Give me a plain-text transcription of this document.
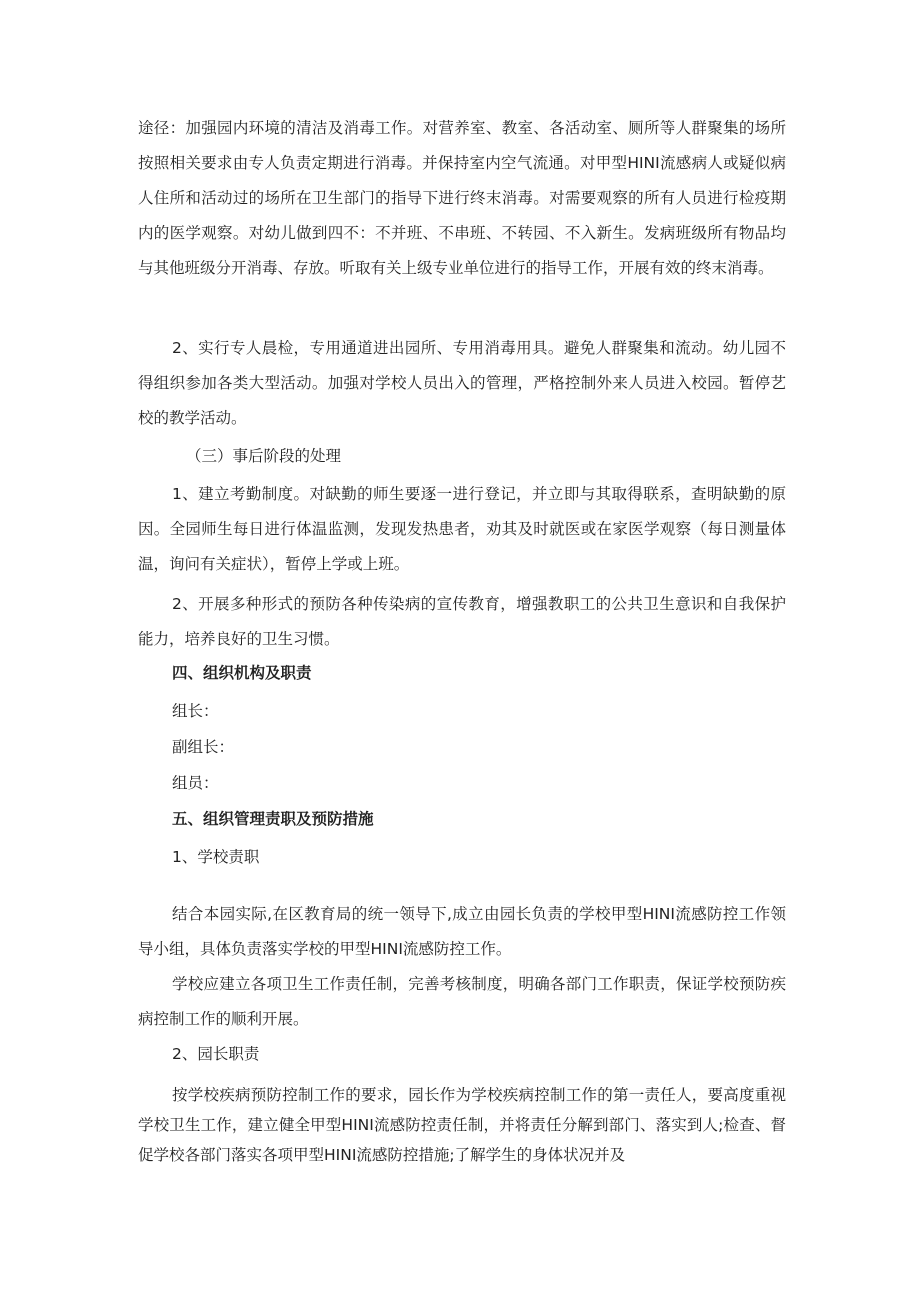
途径：加强园内环境的清洁及消毒工作。对营养室、教室、各活动室、厕所等人群聚集的场所按照相关要求由专人负责定期进行消毒。并保持室内空气流通。对甲型HINI流感病人或疑似病人住所和活动过的场所在卫生部门的指导下进行终末消毒。对需要观察的所有人员进行检疫期内的医学观察。对幼儿做到四不：不并班、不串班、不转园、不入新生。发病班级所有物品均与其他班级分开消毒、存放。听取有关上级专业单位进行的指导工作，开展有效的终末消毒。

2、实行专人晨检，专用通道进出园所、专用消毒用具。避免人群聚集和流动。幼儿园不得组织参加各类大型活动。加强对学校人员出入的管理，严格控制外来人员进入校园。暂停艺校的教学活动。

（三）事后阶段的处理

1、建立考勤制度。对缺勤的师生要逐一进行登记，并立即与其取得联系，查明缺勤的原因。全园师生每日进行体温监测，发现发热患者，劝其及时就医或在家医学观察（每日测量体温，询问有关症状），暂停上学或上班。

2、开展多种形式的预防各种传染病的宣传教育，增强教职工的公共卫生意识和自我保护能力，培养良好的卫生习惯。

四、组织机构及职责

组长：

副组长：

组员：

五、组织管理责职及预防措施

1、学校责职

结合本园实际,在区教育局的统一领导下,成立由园长负责的学校甲型HINI流感防控工作领导小组，具体负责落实学校的甲型HINI流感防控工作。

学校应建立各项卫生工作责任制，完善考核制度，明确各部门工作职责，保证学校预防疾病控制工作的顺利开展。

2、园长职责

按学校疾病预防控制工作的要求，园长作为学校疾病控制工作的第一责任人，要高度重视学校卫生工作，建立健全甲型HINI流感防控责任制，并将责任分解到部门、落实到人;检查、督促学校各部门落实各项甲型HINI流感防控措施;了解学生的身体状况并及
